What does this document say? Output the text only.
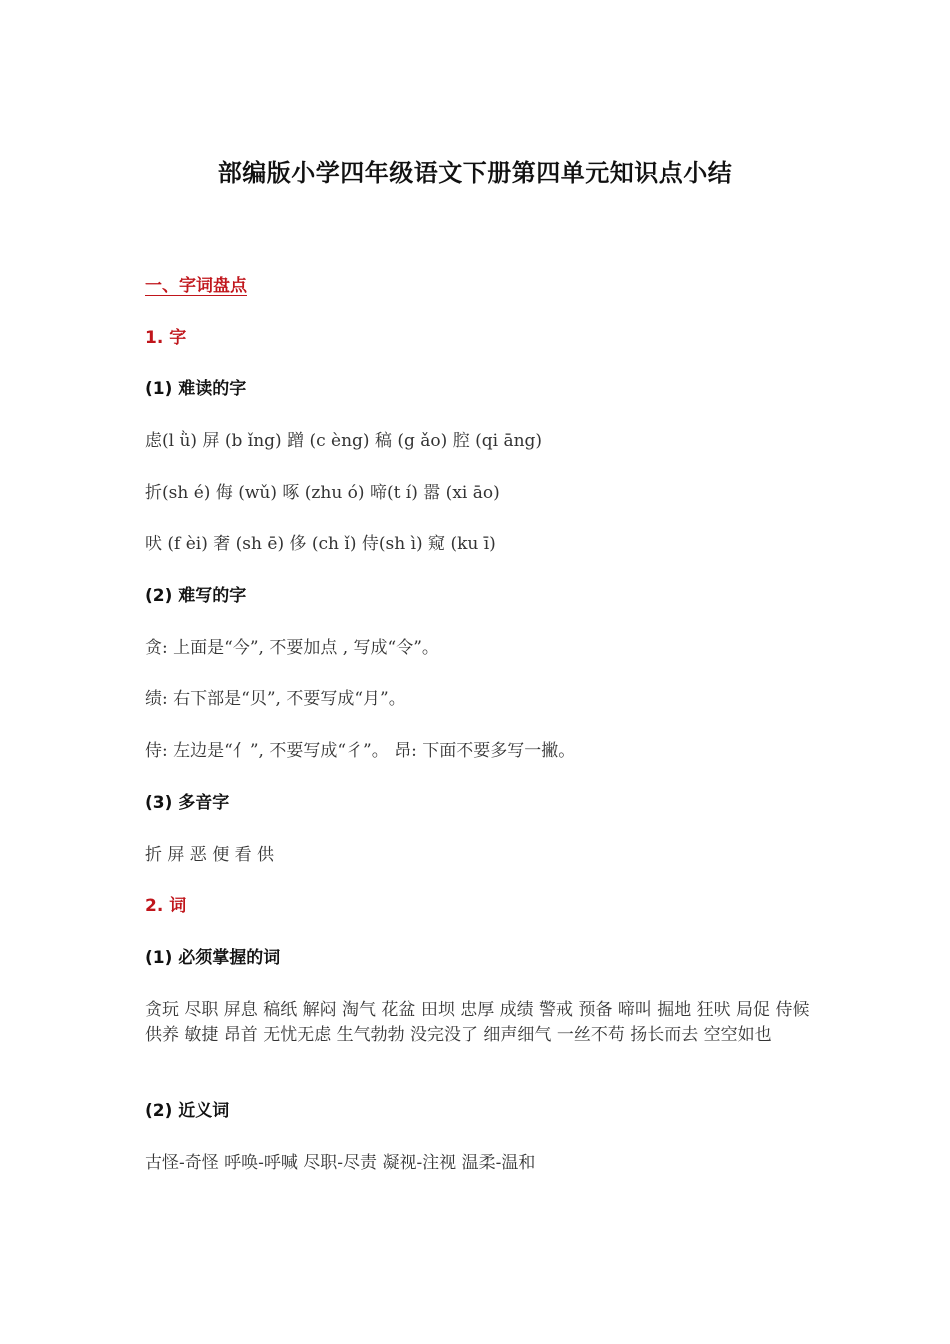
部编版小学四年级语文下册第四单元知识点小结
一、字词盘点
1. 字
(1) 难读的字
虑(l ǜ) 屏 (b ǐng) 蹭 (c èng) 稿 (g ǎo) 腔 (qi āng)
折(sh é) 侮 (wǔ) 啄 (zhu ó) 啼(t í) 嚣 (xi āo)
吠 (f èi) 奢 (sh ē) 侈 (ch ǐ) 侍(sh ì) 窥 (ku ī)
(2) 难写的字
贪: 上面是“今”, 不要加点 , 写成“令”。
绩: 右下部是“贝”, 不要写成“月”。
侍: 左边是“亻”, 不要写成“彳”。 昂: 下面不要多写一撇。
(3) 多音字
折 屏 恶 便 看 供
2. 词
(1) 必须掌握的词
贪玩 尽职 屏息 稿纸 解闷 淘气 花盆 田坝 忠厚 成绩 警戒 预备 啼叫 掘地 狂吠 局促 侍候 供养 敏捷 昂首 无忧无虑 生气勃勃 没完没了 细声细气 一丝不苟 扬长而去 空空如也
(2) 近义词
古怪-奇怪 呼唤-呼喊 尽职-尽责 凝视-注视 温柔-温和
